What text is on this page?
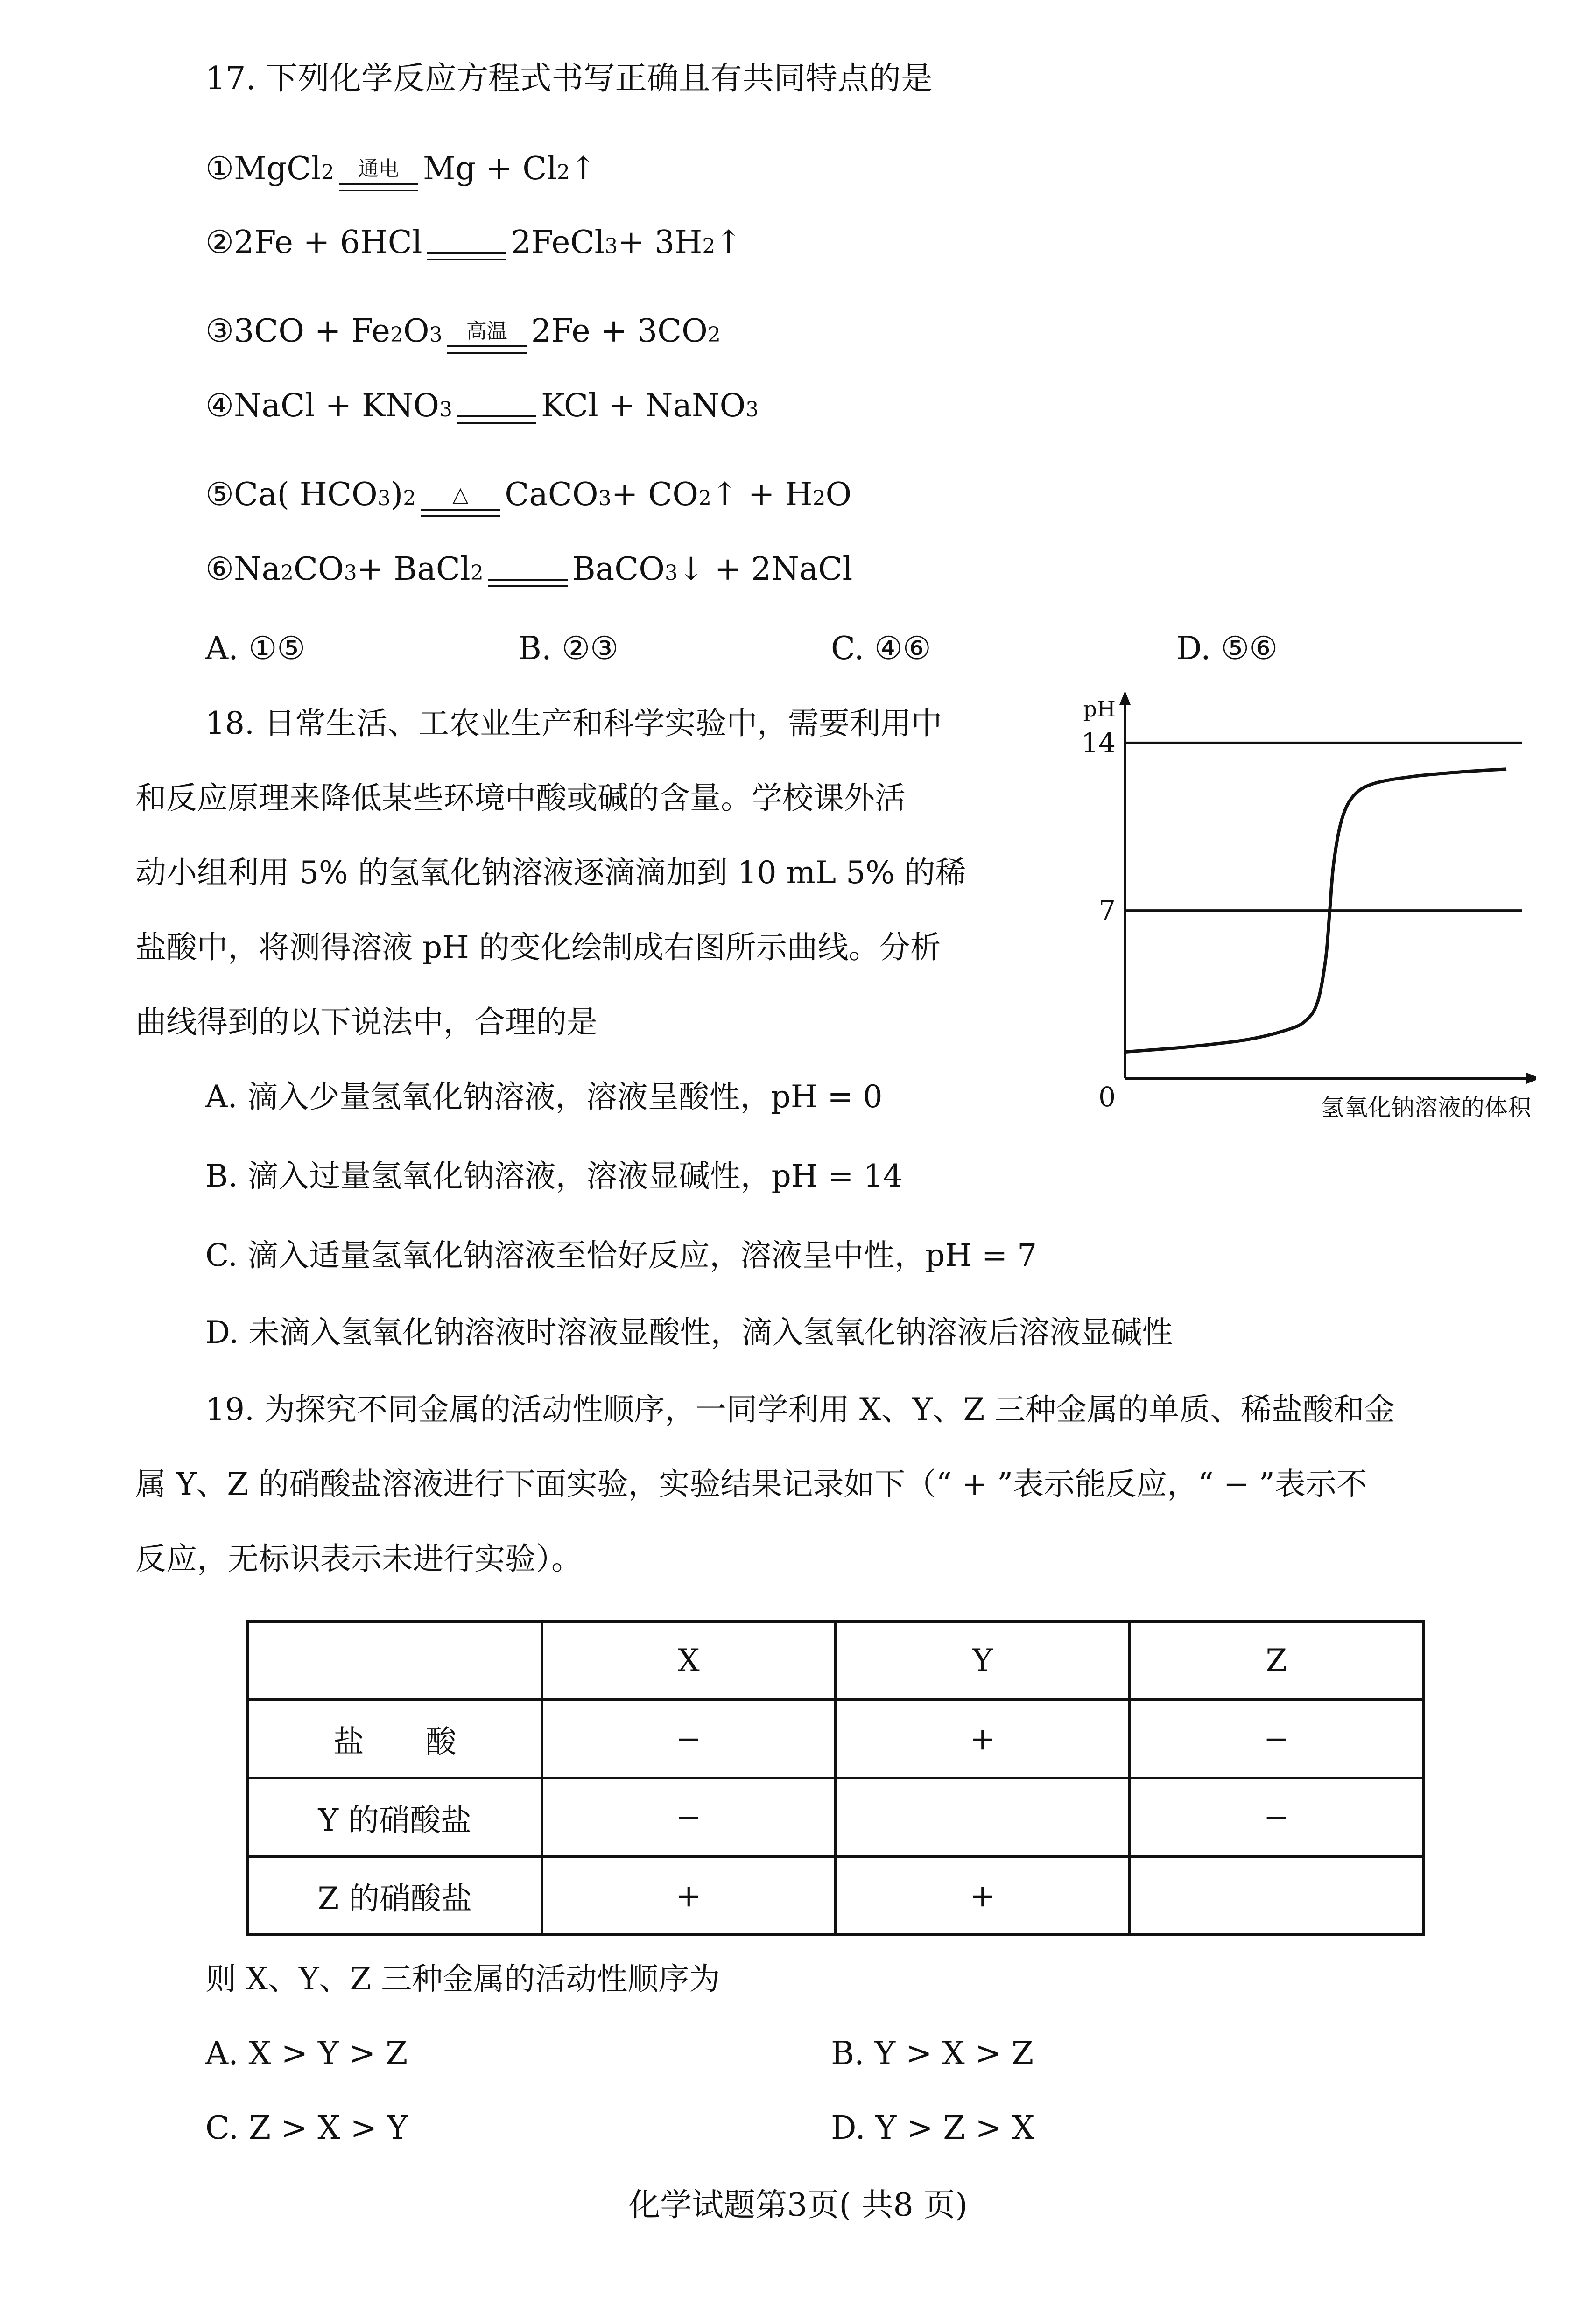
17. 下列化学反应方程式书写正确且有共同特点的是
① MgCl 2 通电 Mg + Cl 2 ↑
② 2Fe + 6HCl	2FeCl 3 + 3H 2 ↑
③ 3CO + Fe 2 O 3 高温 2Fe + 3CO 2
④ NaCl + KNO 3	KCl + NaNO 3
⑤ Ca( HCO 3 ) 2 △ CaCO 3 + CO 2 ↑ + H 2 O
⑥ Na 2 CO 3 + BaCl 2	BaCO 3 ↓ + 2NaCl
A. ①⑤	B. ②③	C. ④⑥	D. ⑤⑥
18. 日常生活、工农业生产和科学实验中，需要利用中
和反应原理来降低某些环境中酸或碱的含量。学校课外活
动小组利用 5% 的氢氧化钠溶液逐滴滴加到 10 mL 5% 的稀
盐酸中，将测得溶液 pH 的变化绘制成右图所示曲线。分析
曲线得到的以下说法中，合理的是
7
14
pH
0	氢氧化钠溶液的体积
A. 滴入少量氢氧化钠溶液，溶液呈酸性，pH = 0
B. 滴入过量氢氧化钠溶液，溶液显碱性，pH = 14
C. 滴入适量氢氧化钠溶液至恰好反应，溶液呈中性，pH = 7
D. 未滴入氢氧化钠溶液时溶液显酸性，滴入氢氧化钠溶液后溶液显碱性
19. 为探究不同金属的活动性顺序，一同学利用 X、Y、Z 三种金属的单质、稀盐酸和金
属 Y、Z 的硝酸盐溶液进行下面实验，实验结果记录如下（“ + ”表示能反应，“ − ”表示不
反应，无标识表示未进行实验）。
	X	Y	Z
盐　　酸	−	+	−
Y 的硝酸盐	−		−
Z 的硝酸盐	+	+	
则 X、Y、Z 三种金属的活动性顺序为
A. X > Y > Z	B. Y > X > Z
C. Z > X > Y	D. Y > Z > X
化学试题第3页( 共8 页)
